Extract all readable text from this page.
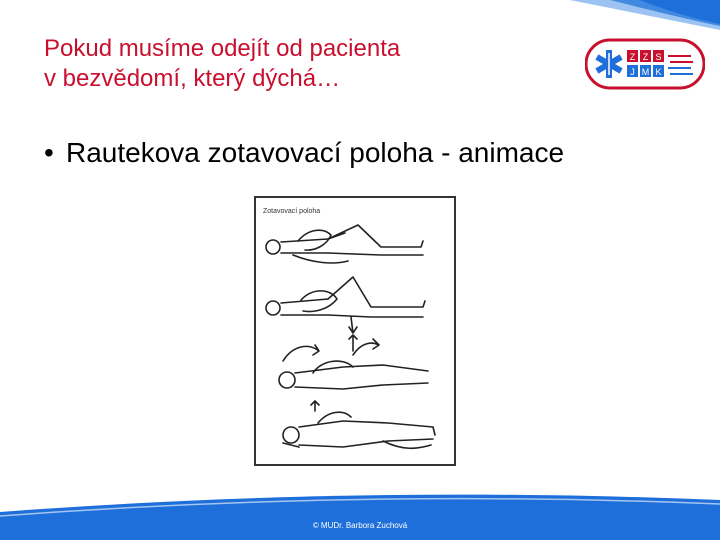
Pokud musíme odejít od pacienta
v bezvědomí, který dýchá…
Z Z S
J M K
• Rautekova zotavovací poloha - animace
Zotavovací poloha
© MUDr. Barbora Zuchová
